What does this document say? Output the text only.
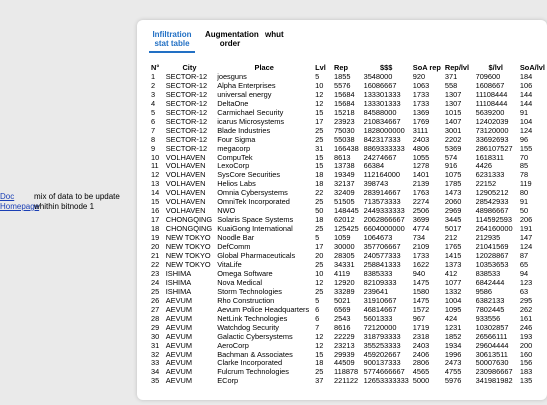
Doc
Homepage
mix of data to be update whithin bitnode 1
Infiltration stat table
Augmentation order
whut
N°	City	Place	Lvl	Rep	$$$	SoA rep	Rep/lvl	$/lvl	SoA/lvl
1	SECTOR-12	joesguns	5	1855	3548000	920	371	709600	184
2	SECTOR-12	Alpha Enterprises	10	5576	16086667	1063	558	1608667	106
3	SECTOR-12	universal energy	12	15684	133301333	1733	1307	11108444	144
4	SECTOR-12	DeltaOne	12	15684	133301333	1733	1307	11108444	144
5	SECTOR-12	Carmichael Security	15	15218	84588000	1369	1015	5639200	91
6	SECTOR-12	icarus Microsystems	17	23923	210834667	1769	1407	12402039	104
7	SECTOR-12	Blade Industries	25	75030	1828000000	3111	3001	73120000	124
8	SECTOR-12	Four Sigma	25	55038	842317333	2403	2202	33692693	96
9	SECTOR-12	megacorp	31	166438	8869333333	4806	5369	286107527	155
10	VOLHAVEN	CompuTek	15	8613	24274667	1055	574	1618311	70
11	VOLHAVEN	LexoCorp	15	13738	66384	1278	916	4426	85
12	VOLHAVEN	SysCore Securities	18	19349	112164000	1401	1075	6231333	78
13	VOLHAVEN	Helios Labs	18	32137	398743	2139	1785	22152	119
14	VOLHAVEN	Omnia Cybersystems	22	32409	283914667	1763	1473	12905212	80
15	VOLHAVEN	OmniTek Incorporated	25	51505	713573333	2274	2060	28542933	91
16	VOLHAVEN	NWO	50	148445	2449333333	2506	2969	48986667	50
17	CHONGQING	Solaris Space Systems	18	62012	2062866667	3699	3445	114592593	206
18	CHONGQING	KuaiGong International	25	125425	6604000000	4774	5017	264160000	191
19	NEW TOKYO	Noodle Bar	5	1059	1064673	734	212	212935	147
20	NEW TOKYO	DefComm	17	30000	357706667	2109	1765	21041569	124
21	NEW TOKYO	Global Pharmaceuticals	20	28305	240577333	1733	1415	12028867	87
22	NEW TOKYO	VitaLife	25	34331	258841333	1622	1373	10353653	65
23	ISHIMA	Omega Software	10	4119	8385333	940	412	838533	94
24	ISHIMA	Nova Medical	12	12920	82109333	1475	1077	6842444	123
25	ISHIMA	Storm Technologies	25	33289	239641	1580	1332	9586	63
26	AEVUM	Rho Construction	5	5021	31910667	1475	1004	6382133	295
27	AEVUM	Aevum Police Headquarters	6	6569	46814667	1572	1095	7802445	262
28	AEVUM	NetLink Technologies	6	2543	5601333	967	424	933556	161
29	AEVUM	Watchdog Security	7	8616	72120000	1719	1231	10302857	246
30	AEVUM	Galactic Cybersystems	12	22229	318793333	2318	1852	26566111	193
31	AEVUM	AeroCorp	12	23213	355253333	2403	1934	29604444	200
32	AEVUM	Bachman & Associates	15	29939	459202667	2406	1996	30613511	160
33	AEVUM	Clarke Incorporated	18	44509	900137333	2806	2473	50007630	156
34	AEVUM	Fulcrum Technologies	25	118878	5774666667	4565	4755	230986667	183
35	AEVUM	ECorp	37	221122	12653333333	5000	5976	341981982	135
